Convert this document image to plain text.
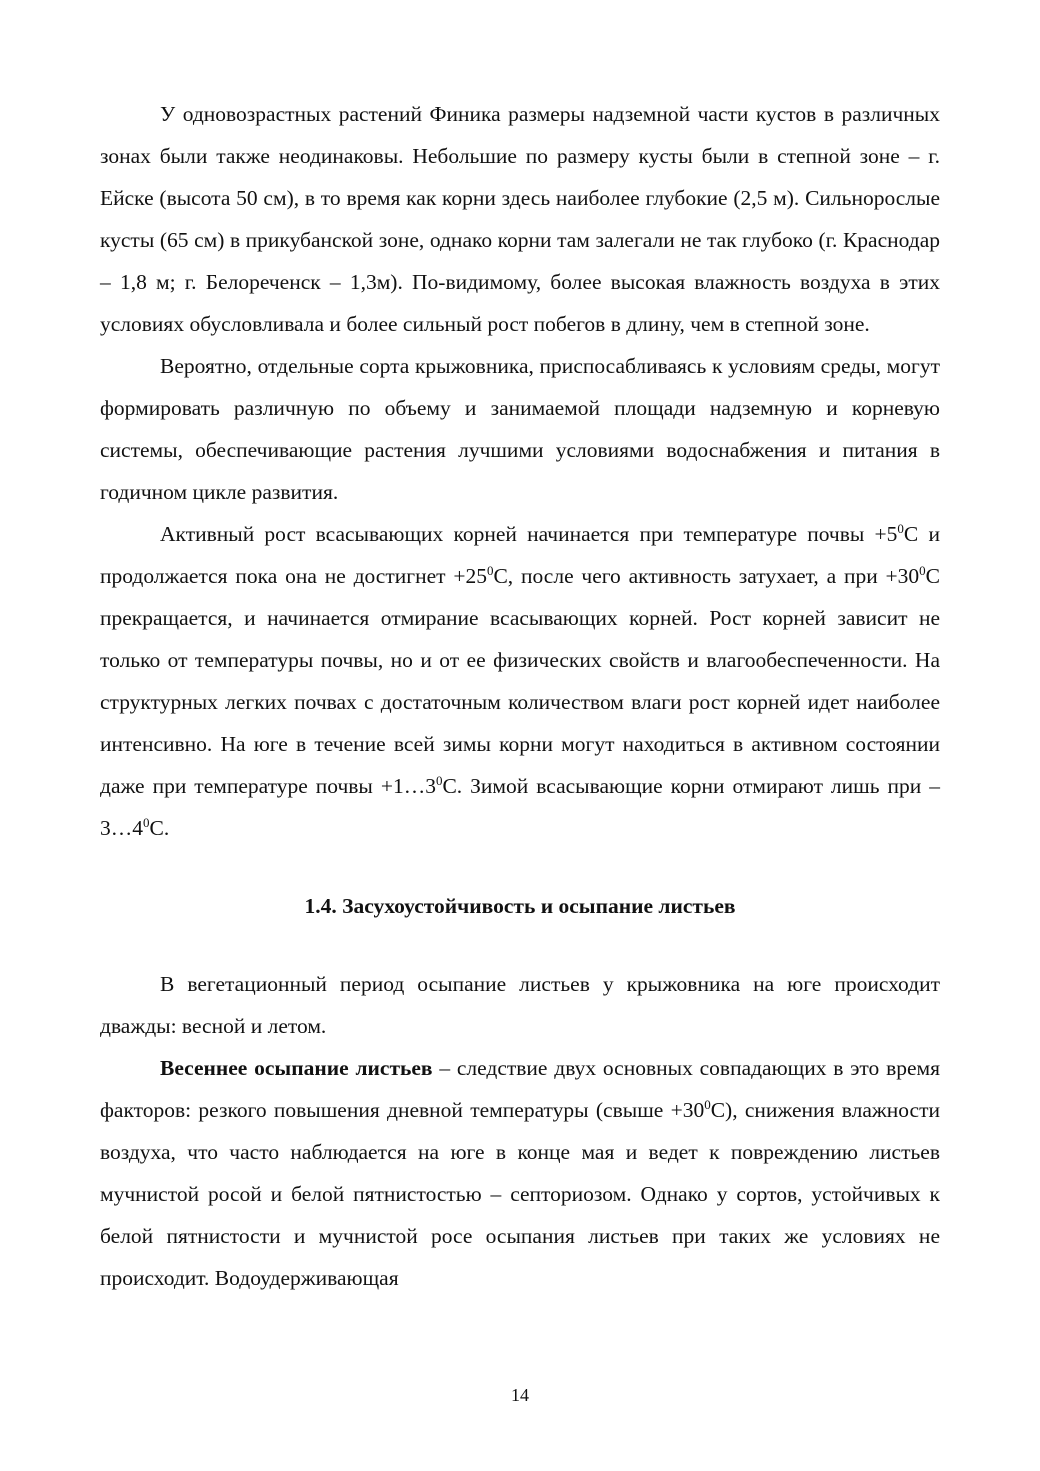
У одновозрастных растений Финика размеры надземной части кустов в различных зонах были также неодинаковы. Небольшие по размеру кусты были в степной зоне – г. Ейске (высота 50 см), в то время как корни здесь наиболее глубокие (2,5 м). Сильнорослые кусты (65 см) в прикубанской зоне, однако корни там залегали не так глубоко (г. Краснодар – 1,8 м; г. Белореченск – 1,3м). По-видимому, более высокая влажность воздуха в этих условиях обусловливала и более сильный рост побегов в длину, чем в степной зоне.

Вероятно, отдельные сорта крыжовника, приспосабливаясь к условиям среды, могут формировать различную по объему и занимаемой площади надземную и корневую системы, обеспечивающие растения лучшими условиями водоснабжения и питания в годичном цикле развития.

Активный рост всасывающих корней начинается при температуре почвы $+5^0С$ и продолжается пока она не достигнет $+25^0С$, после чего активность затухает, а при $+30^0С$ прекращается, и начинается отмирание всасывающих корней. Рост корней зависит не только от температуры почвы, но и от ее физических свойств и влагообеспеченности. На структурных легких почвах с достаточным количеством влаги рост корней идет наиболее интенсивно. На юге в течение всей зимы корни могут находиться в активном состоянии даже при температуре почвы $+1\dots 3^0С$. Зимой всасывающие корни отмирают лишь при $-3\dots 4^0С$.

1.4. Засухоустойчивость и осыпание листьев

В вегетационный период осыпание листьев у крыжовника на юге происходит дважды: весной и летом.

Весеннее осыпание листьев – следствие двух основных совпадающих в это время факторов: резкого повышения дневной температуры (свыше $+30^0С$), снижения влажности воздуха, что часто наблюдается на юге в конце мая и ведет к повреждению листьев мучнистой росой и белой пятнистостью – септориозом. Однако у сортов, устойчивых к белой пятнистости и мучнистой росе осыпания листьев при таких же условиях не происходит. Водоудерживающая

14
